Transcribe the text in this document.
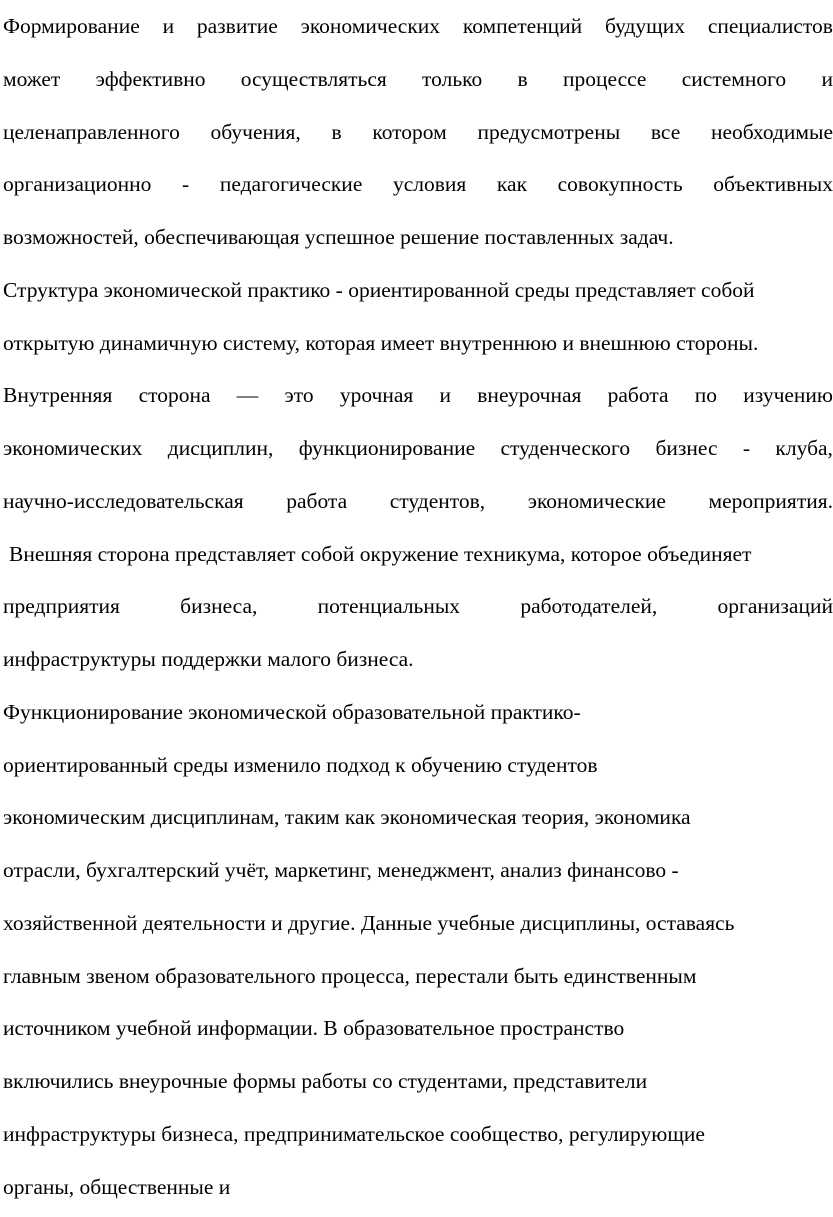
Формирование и развитие экономических компетенций будущих специалистов
может эффективно осуществляться только в процессе системного и
целенаправленного обучения, в котором предусмотрены все необходимые
организационно - педагогические условия как совокупность объективных
возможностей, обеспечивающая успешное решение поставленных задач.
Структура экономической практико - ориентированной среды представляет собой
открытую динамичную систему, которая имеет внутреннюю и внешнюю стороны.
Внутренняя сторона — это урочная и внеурочная работа по изучению
экономических дисциплин, функционирование студенческого бизнес - клуба,
научно-исследовательская работа студентов, экономические мероприятия.
Внешняя сторона представляет собой окружение техникума, которое объединяет
предприятия	бизнеса,	потенциальных	работодателей,	организаций
инфраструктуры поддержки малого бизнеса.
Функционирование экономической образовательной практико-
ориентированный среды изменило подход к обучению студентов
экономическим дисциплинам, таким как экономическая теория, экономика
отрасли, бухгалтерский учёт, маркетинг, менеджмент, анализ финансово -
хозяйственной деятельности и другие. Данные учебные дисциплины, оставаясь
главным звеном образовательного процесса, перестали быть единственным
источником учебной информации. В образовательное пространство
включились внеурочные формы работы со студентами, представители
инфраструктуры бизнеса, предпринимательское сообщество, регулирующие
органы, общественные и
